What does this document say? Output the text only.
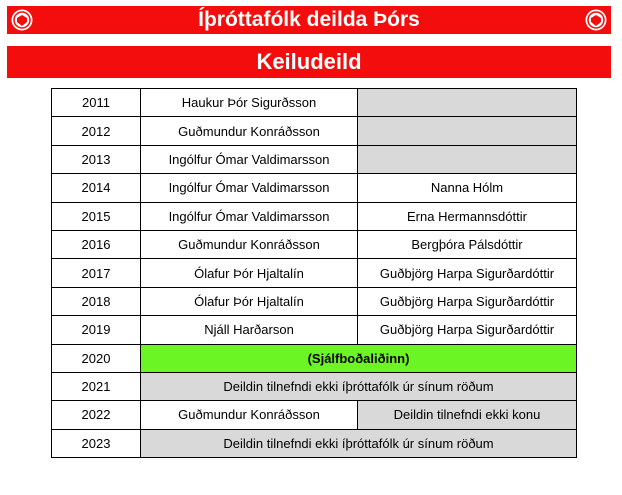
Íþróttafólk deilda Þórs
Keiludeild
2011	Haukur Þór Sigurðsson	
2012	Guðmundur Konráðsson	
2013	Ingólfur Ómar Valdimarsson	
2014	Ingólfur Ómar Valdimarsson	Nanna Hólm
2015	Ingólfur Ómar Valdimarsson	Erna Hermannsdóttir
2016	Guðmundur Konráðsson	Bergþóra Pálsdóttir
2017	Ólafur Þór Hjaltalín	Guðbjörg Harpa Sigurðardóttir
2018	Ólafur Þór Hjaltalín	Guðbjörg Harpa Sigurðardóttir
2019	Njáll Harðarson	Guðbjörg Harpa Sigurðardóttir
2020	(Sjálfboðaliðinn)	
2021	Deildin tilnefndi ekki íþróttafólk úr sínum röðum	
2022	Guðmundur Konráðsson	Deildin tilnefndi ekki konu
2023	Deildin tilnefndi ekki íþróttafólk úr sínum röðum	
